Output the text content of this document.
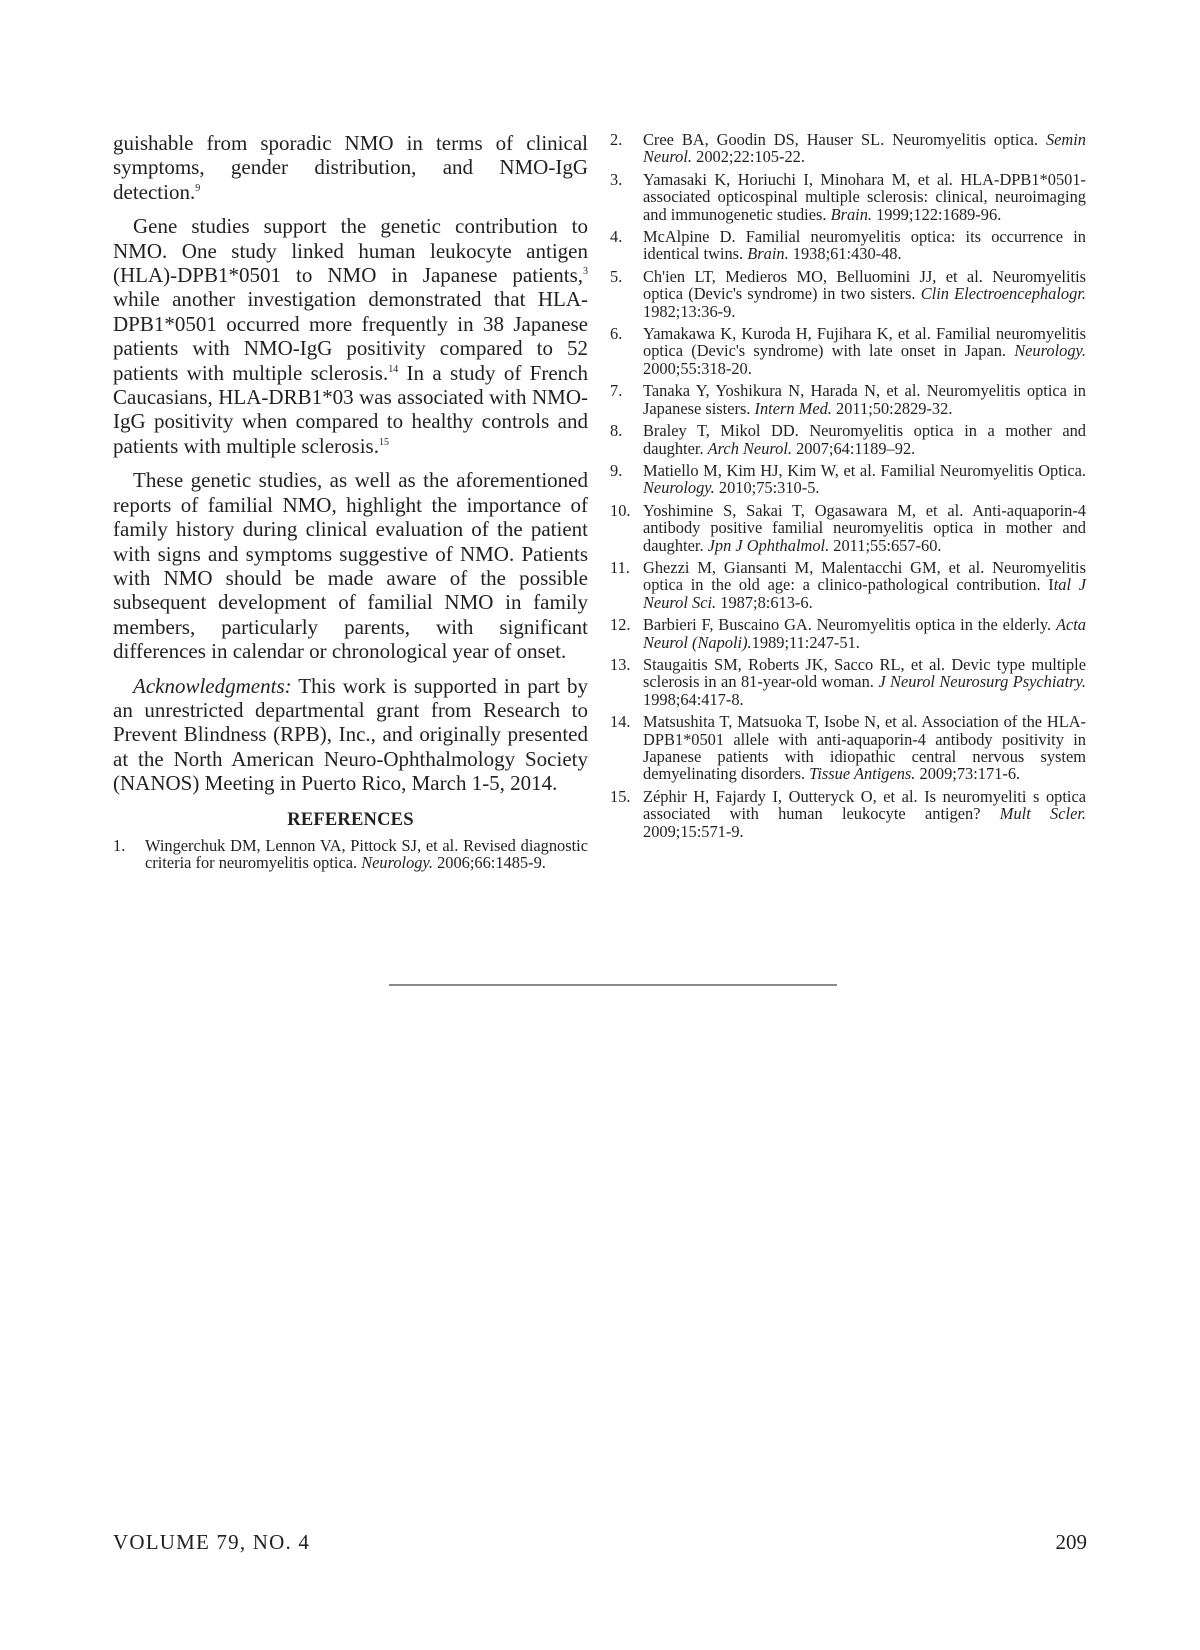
guishable from sporadic NMO in terms of clinical symptoms, gender distribution, and NMO-IgG detection.$^9$

Gene studies support the genetic contribution to NMO. One study linked human leukocyte antigen (HLA)-DPB1*0501 to NMO in Japanese patients,$^3$ while another investigation demonstrated that HLA-DPB1*0501 occurred more frequently in 38 Japanese patients with NMO-IgG positivity compared to 52 patients with multiple sclerosis.$^{14}$ In a study of French Caucasians, HLA-DRB1*03 was associated with NMO-IgG positivity when compared to healthy controls and patients with multiple sclerosis.$^{15}$

These genetic studies, as well as the aforementioned reports of familial NMO, highlight the importance of family history during clinical evaluation of the patient with signs and symptoms suggestive of NMO. Patients with NMO should be made aware of the possible subsequent development of familial NMO in family members, particularly parents, with significant differences in calendar or chronological year of onset.

Acknowledgments: This work is supported in part by an unrestricted departmental grant from Research to Prevent Blindness (RPB), Inc., and originally presented at the North American Neuro-Ophthalmology Society (NANOS) Meeting in Puerto Rico, March 1-5, 2014.

REFERENCES
1.	Wingerchuk DM, Lennon VA, Pittock SJ, et al. Revised diagnostic criteria for neuromyelitis optica. Neurology. 2006;66:1485-9.
2.	Cree BA, Goodin DS, Hauser SL. Neuromyelitis optica. Semin Neurol. 2002;22:105-22.
3.	Yamasaki K, Horiuchi I, Minohara M, et al. HLA-DPB1*0501-associated opticospinal multiple sclerosis: clinical, neuroimaging and immunogenetic studies. Brain. 1999;122:1689-96.
4.	McAlpine D. Familial neuromyelitis optica: its occurrence in identical twins. Brain. 1938;61:430-48.
5.	Ch'ien LT, Medieros MO, Belluomini JJ, et al. Neuromyelitis optica (Devic's syndrome) in two sisters. Clin Electroencephalogr. 1982;13:36-9.
6.	Yamakawa K, Kuroda H, Fujihara K, et al. Familial neuromyelitis optica (Devic's syndrome) with late onset in Japan. Neurology. 2000;55:318-20.
7.	Tanaka Y, Yoshikura N, Harada N, et al. Neuromyelitis optica in Japanese sisters. Intern Med. 2011;50:2829-32.
8.	Braley T, Mikol DD. Neuromyelitis optica in a mother and daughter. Arch Neurol. 2007;64:1189–92.
9.	Matiello M, Kim HJ, Kim W, et al. Familial Neuromyelitis Optica. Neurology. 2010;75:310-5.
10. Yoshimine S, Sakai T, Ogasawara M, et al. Anti-aquaporin-4 antibody positive familial neuromyelitis optica in mother and daughter. Jpn J Ophthalmol. 2011;55:657-60.
11. Ghezzi M, Giansanti M, Malentacchi GM, et al. Neuromyelitis optica in the old age: a clinico-pathological contribution. Ital J Neurol Sci. 1987;8:613-6.
12. Barbieri F, Buscaino GA. Neuromyelitis optica in the elderly. Acta Neurol (Napoli).1989;11:247-51.
13. Staugaitis SM, Roberts JK, Sacco RL, et al. Devic type multiple sclerosis in an 81-year-old woman. J Neurol Neurosurg Psychiatry. 1998;64:417-8.
14. Matsushita T, Matsuoka T, Isobe N, et al. Association of the HLA-DPB1*0501 allele with anti-aquaporin-4 antibody positivity in Japanese patients with idiopathic central nervous system demyelinating disorders. Tissue Antigens. 2009;73:171-6.
15. Zéphir H, Fajardy I, Outteryck O, et al. Is neuromyeliti s optica associated with human leukocyte antigen? Mult Scler. 2009;15:571-9.
VOLUME 79, NO. 4	209
